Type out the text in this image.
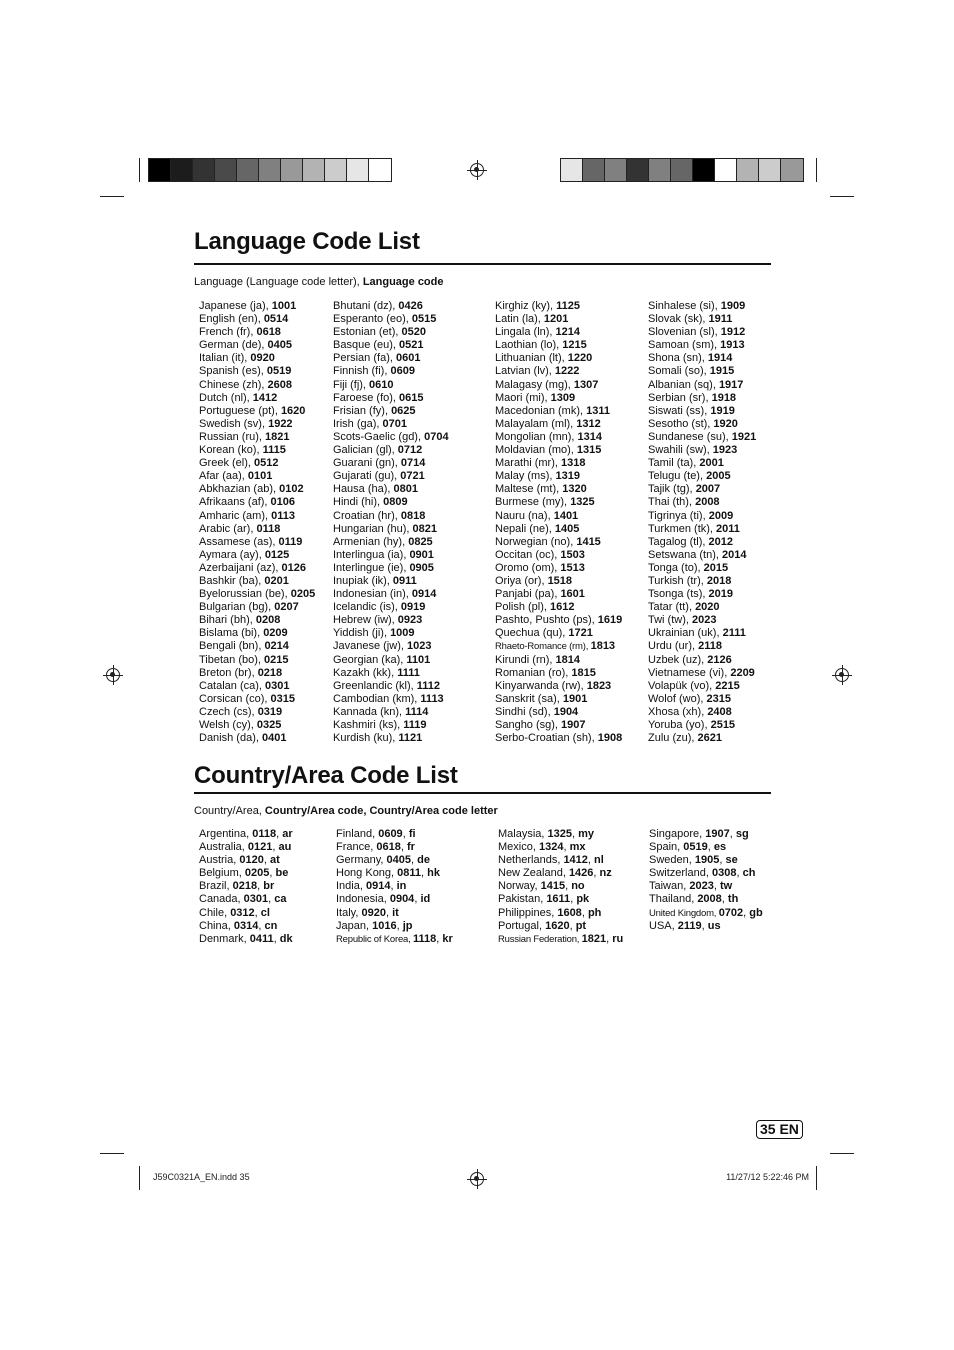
Language Code List

Language (Language code letter), Language code

Japanese (ja), 1001
English (en), 0514
French (fr), 0618
German (de), 0405
Italian (it), 0920
Spanish (es), 0519
Chinese (zh), 2608
Dutch (nl), 1412
Portuguese (pt), 1620
Swedish (sv), 1922
Russian (ru), 1821
Korean (ko), 1115
Greek (el), 0512
Afar (aa), 0101
Abkhazian (ab), 0102
Afrikaans (af), 0106
Amharic (am), 0113
Arabic (ar), 0118
Assamese (as), 0119
Aymara (ay), 0125
Azerbaijani (az), 0126
Bashkir (ba), 0201
Byelorussian (be), 0205
Bulgarian (bg), 0207
Bihari (bh), 0208
Bislama (bi), 0209
Bengali (bn), 0214
Tibetan (bo), 0215
Breton (br), 0218
Catalan (ca), 0301
Corsican (co), 0315
Czech (cs), 0319
Welsh (cy), 0325
Danish (da), 0401
Bhutani (dz), 0426
Esperanto (eo), 0515
Estonian (et), 0520
Basque (eu), 0521
Persian (fa), 0601
Finnish (fi), 0609
Fiji (fj), 0610
Faroese (fo), 0615
Frisian (fy), 0625
Irish (ga), 0701
Scots-Gaelic (gd), 0704
Galician (gl), 0712
Guarani (gn), 0714
Gujarati (gu), 0721
Hausa (ha), 0801
Hindi (hi), 0809
Croatian (hr), 0818
Hungarian (hu), 0821
Armenian (hy), 0825
Interlingua (ia), 0901
Interlingue (ie), 0905
Inupiak (ik), 0911
Indonesian (in), 0914
Icelandic (is), 0919
Hebrew (iw), 0923
Yiddish (ji), 1009
Javanese (jw), 1023
Georgian (ka), 1101
Kazakh (kk), 1111
Greenlandic (kl), 1112
Cambodian (km), 1113
Kannada (kn), 1114
Kashmiri (ks), 1119
Kurdish (ku), 1121
Kirghiz (ky), 1125
Latin (la), 1201
Lingala (ln), 1214
Laothian (lo), 1215
Lithuanian (lt), 1220
Latvian (lv), 1222
Malagasy (mg), 1307
Maori (mi), 1309
Macedonian (mk), 1311
Malayalam (ml), 1312
Mongolian (mn), 1314
Moldavian (mo), 1315
Marathi (mr), 1318
Malay (ms), 1319
Maltese (mt), 1320
Burmese (my), 1325
Nauru (na), 1401
Nepali (ne), 1405
Norwegian (no), 1415
Occitan (oc), 1503
Oromo (om), 1513
Oriya (or), 1518
Panjabi (pa), 1601
Polish (pl), 1612
Pashto, Pushto (ps), 1619
Quechua (qu), 1721
Rhaeto-Romance (rm), 1813
Kirundi (rn), 1814
Romanian (ro), 1815
Kinyarwanda (rw), 1823
Sanskrit (sa), 1901
Sindhi (sd), 1904
Sangho (sg), 1907
Serbo-Croatian (sh), 1908
Sinhalese (si), 1909
Slovak (sk), 1911
Slovenian (sl), 1912
Samoan (sm), 1913
Shona (sn), 1914
Somali (so), 1915
Albanian (sq), 1917
Serbian (sr), 1918
Siswati (ss), 1919
Sesotho (st), 1920
Sundanese (su), 1921
Swahili (sw), 1923
Tamil (ta), 2001
Telugu (te), 2005
Tajik (tg), 2007
Thai (th), 2008
Tigrinya (ti), 2009
Turkmen (tk), 2011
Tagalog (tl), 2012
Setswana (tn), 2014
Tonga (to), 2015
Turkish (tr), 2018
Tsonga (ts), 2019
Tatar (tt), 2020
Twi (tw), 2023
Ukrainian (uk), 2111
Urdu (ur), 2118
Uzbek (uz), 2126
Vietnamese (vi), 2209
Volapük (vo), 2215
Wolof (wo), 2315
Xhosa (xh), 2408
Yoruba (yo), 2515
Zulu (zu), 2621
Country/Area Code List

Country/Area, Country/Area code, Country/Area code letter

Argentina, 0118, ar
Australia, 0121, au
Austria, 0120, at
Belgium, 0205, be
Brazil, 0218, br
Canada, 0301, ca
Chile, 0312, cl
China, 0314, cn
Denmark, 0411, dk
Finland, 0609, fi
France, 0618, fr
Germany, 0405, de
Hong Kong, 0811, hk
India, 0914, in
Indonesia, 0904, id
Italy, 0920, it
Japan, 1016, jp
Republic of Korea, 1118, kr
Malaysia, 1325, my
Mexico, 1324, mx
Netherlands, 1412, nl
New Zealand, 1426, nz
Norway, 1415, no
Pakistan, 1611, pk
Philippines, 1608, ph
Portugal, 1620, pt
Russian Federation, 1821, ru
Singapore, 1907, sg
Spain, 0519, es
Sweden, 1905, se
Switzerland, 0308, ch
Taiwan, 2023, tw
Thailand, 2008, th
United Kingdom, 0702, gb
USA, 2119, us
35 EN
J59C0321A_EN.indd 35	11/27/12 5:22:46 PM
